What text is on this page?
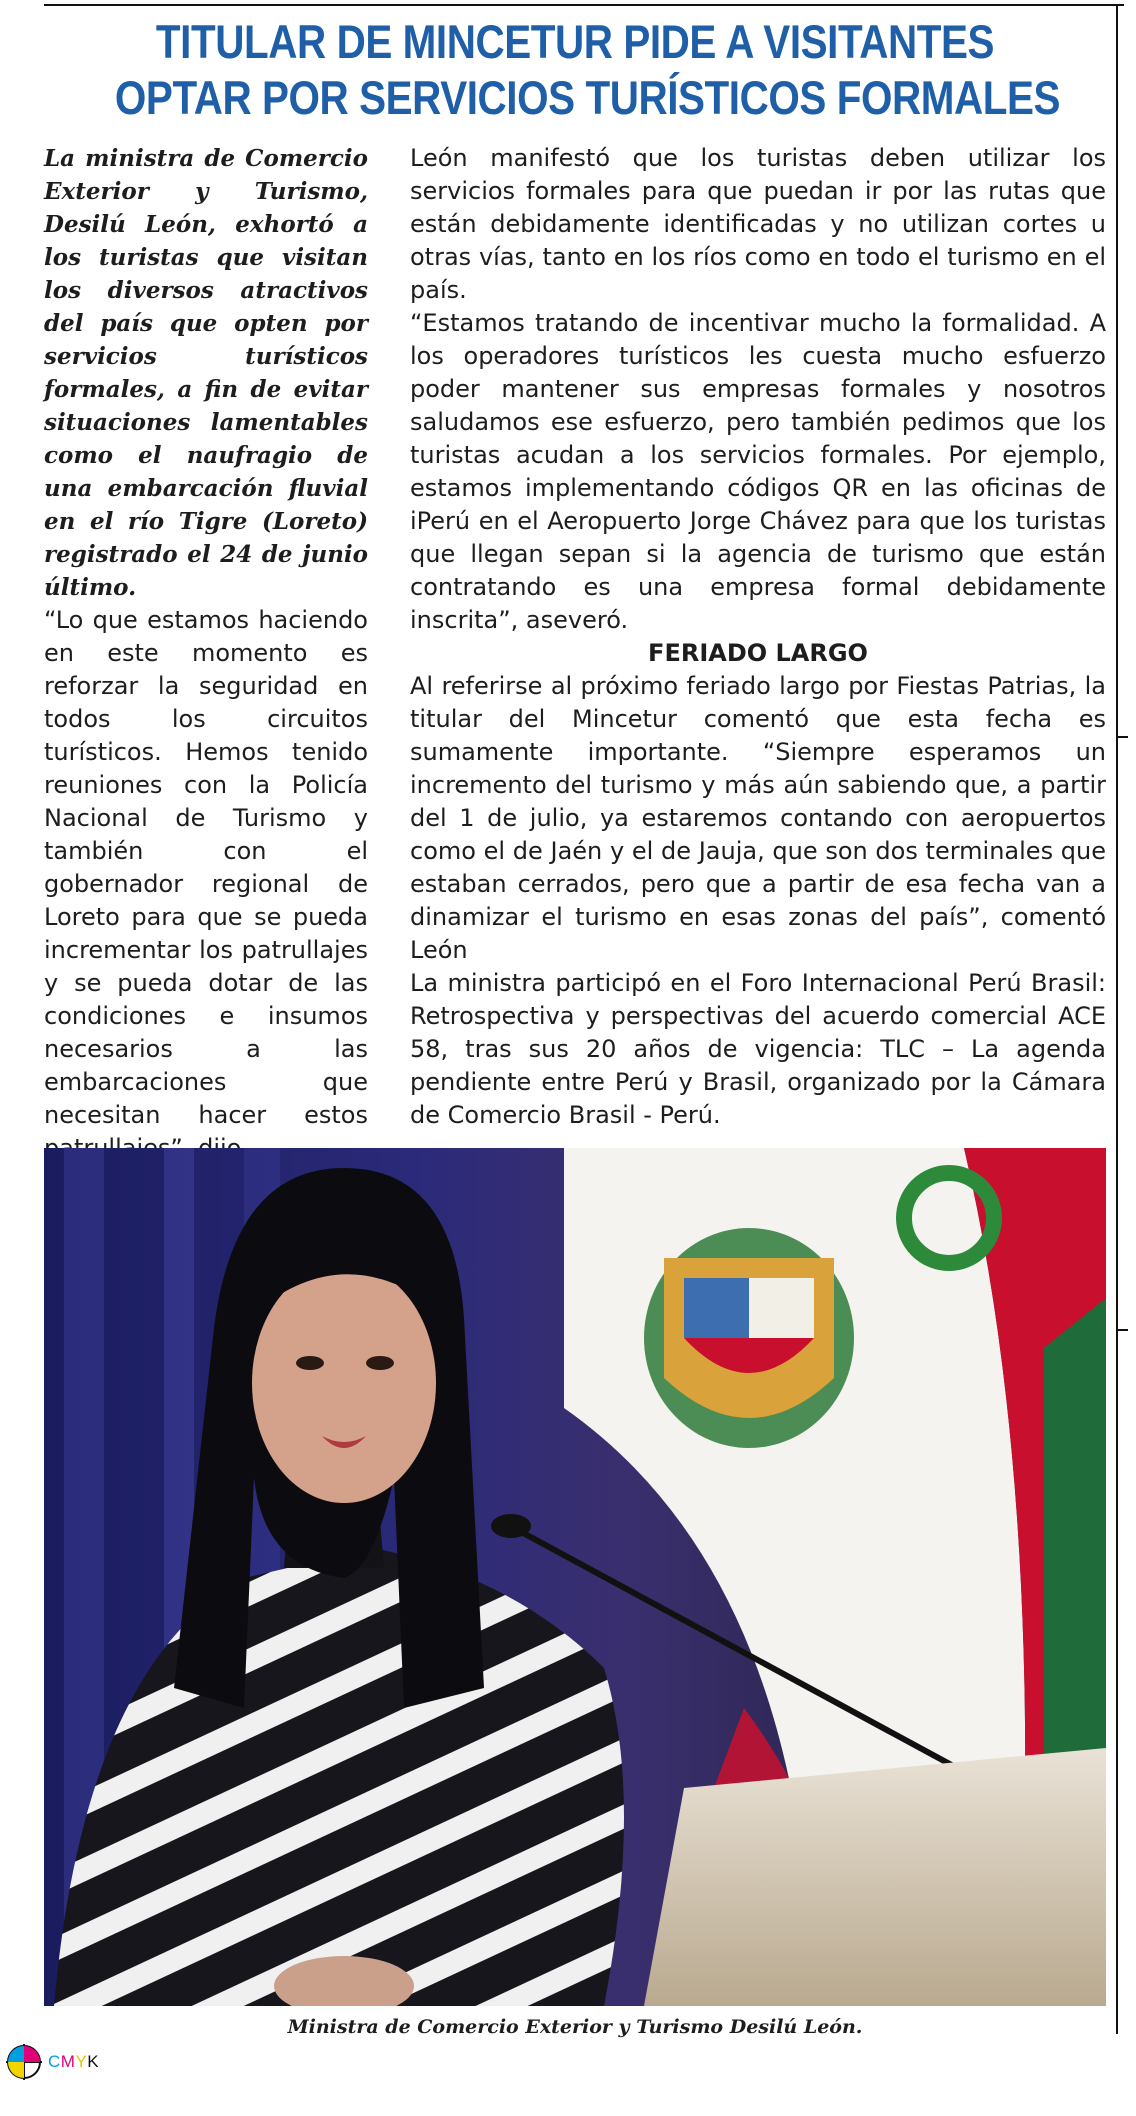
TITULAR DE MINCETUR PIDE A VISITANTES
OPTAR POR SERVICIOS TURÍSTICOS FORMALES

La ministra de Comercio Exterior y Turismo, Desilú León, exhortó a los turistas que visitan los diversos atractivos del país que opten por servicios turísticos formales, a fin de evitar situaciones lamentables como el naufragio de una embarcación fluvial en el río Tigre (Loreto) registrado el 24 de junio último.

“Lo que estamos haciendo en este momento es reforzar la seguridad en todos los circuitos turísticos. Hemos tenido reuniones con la Policía Nacional de Turismo y también con el gobernador regional de Loreto para que se pueda incrementar los patrullajes y se pueda dotar de las condiciones e insumos necesarios a las embarcaciones que necesitan hacer estos

León manifestó que los turistas deben utilizar los servicios formales para que puedan ir por las rutas que están debidamente identificadas y no utilizan cortes u otras vías, tanto en los ríos como en todo el turismo en el país.

“Estamos tratando de incentivar mucho la formalidad. A los operadores turísticos les cuesta mucho esfuerzo poder mantener sus empresas formales y nosotros saludamos ese esfuerzo, pero también pedimos que los turistas acudan a los servicios formales. Por ejemplo, estamos implementando códigos QR en las oficinas de iPerú en el Aeropuerto Jorge Chávez para que los turistas que llegan sepan si la agencia de turismo que están contratando es una empresa formal debidamente inscrita”, aseveró.

FERIADO LARGO

Al referirse al próximo feriado largo por Fiestas Patrias, la titular del Mincetur comentó que esta fecha es sumamente importante. “Siempre esperamos un incremento del turismo y más aún sabiendo que, a partir del 1 de julio, ya estaremos contando con aeropuertos como el de Jaén y el de Jauja, que son dos terminales que estaban cerrados, pero que a partir de esa fecha van a dinamizar el turismo en esas zonas del país”, comentó León

La ministra participó en el Foro Internacional Perú Brasil: Retrospectiva y perspectivas del acuerdo comercial ACE 58, tras sus 20 años de vigencia: TLC – La agenda pendiente entre Perú y Brasil, organizado por la Cámara de Comercio Brasil - Perú.

Ministra de Comercio Exterior y Turismo Desilú León.
CMYK
